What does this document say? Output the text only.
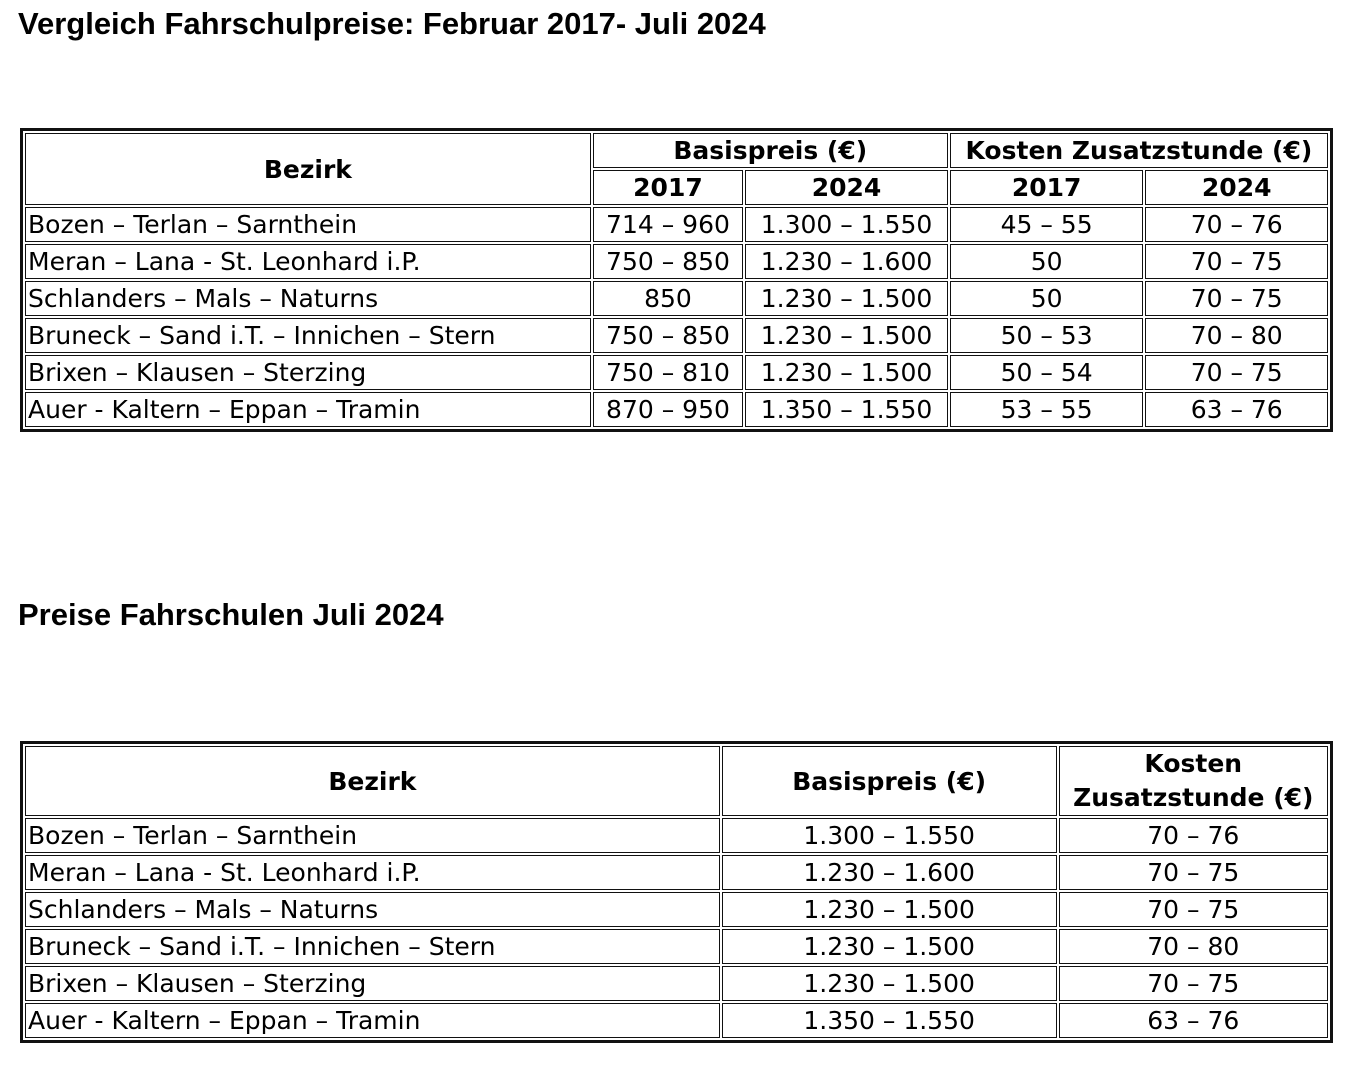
Vergleich Fahrschulpreise: Februar 2017- Juli 2024
Bezirk	Basispreis (€)		Kosten Zusatzstunde (€)	
	2017	2024	2017	2024
Bozen – Terlan – Sarnthein	714 – 960	1.300 – 1.550	45 – 55	70 – 76
Meran – Lana - St. Leonhard i.P.	750 – 850	1.230 – 1.600	50	70 – 75
Schlanders – Mals – Naturns	850	1.230 – 1.500	50	70 – 75
Bruneck – Sand i.T. – Innichen – Stern	750 – 850	1.230 – 1.500	50 – 53	70 – 80
Brixen – Klausen – Sterzing	750 – 810	1.230 – 1.500	50 – 54	70 – 75
Auer - Kaltern – Eppan – Tramin	870 – 950	1.350 – 1.550	53 – 55	63 – 76
Preise Fahrschulen Juli 2024
Bezirk	Basispreis (€)	Kosten
Zusatzstunde (€)
Bozen – Terlan – Sarnthein	1.300 – 1.550	70 – 76
Meran – Lana - St. Leonhard i.P.	1.230 – 1.600	70 – 75
Schlanders – Mals – Naturns	1.230 – 1.500	70 – 75
Bruneck – Sand i.T. – Innichen – Stern	1.230 – 1.500	70 – 80
Brixen – Klausen – Sterzing	1.230 – 1.500	70 – 75
Auer - Kaltern – Eppan – Tramin	1.350 – 1.550	63 – 76
